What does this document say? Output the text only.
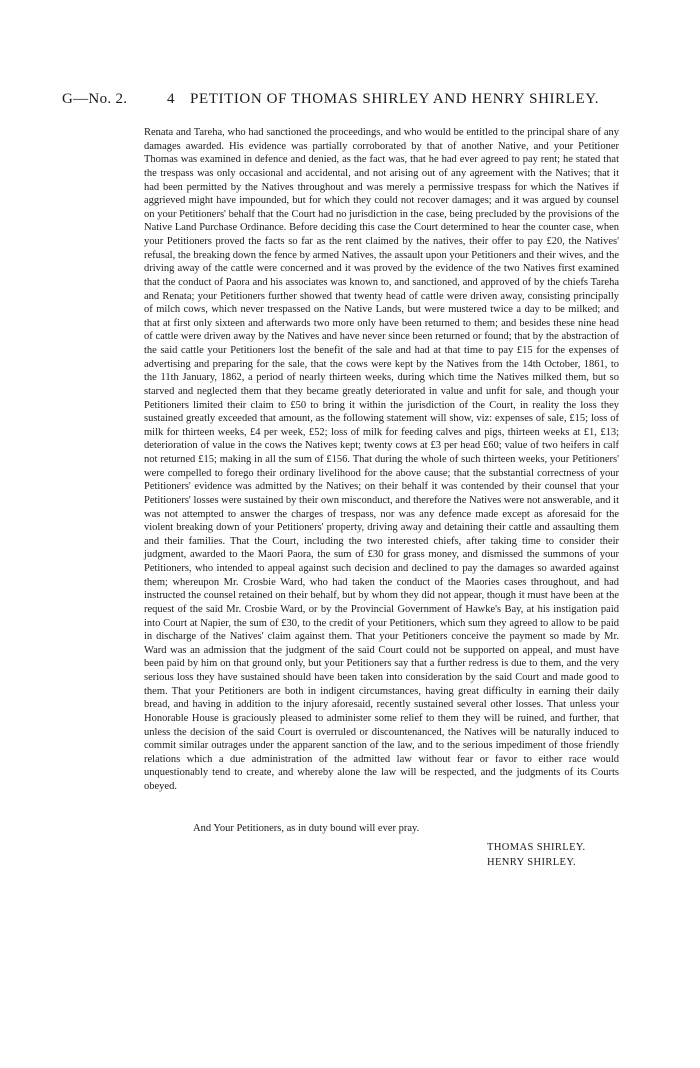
G—No. 2.	4 PETITION OF THOMAS SHIRLEY AND HENRY SHIRLEY.

Renata and Tareha, who had sanctioned the proceedings, and who would be entitled to the principal share of any damages awarded. His evidence was partially corroborated by that of another Native, and your Petitioner Thomas was examined in defence and denied, as the fact was, that he had ever agreed to pay rent; he stated that the trespass was only occasional and accidental, and not arising out of any agreement with the Natives; that it had been permitted by the Natives throughout and was merely a permissive trespass for which the Natives if aggrieved might have impounded, but for which they could not recover damages; and it was argued by counsel on your Petitioners' behalf that the Court had no jurisdiction in the case, being precluded by the provisions of the Native Land Purchase Ordinance. Before deciding this case the Court determined to hear the counter case, when your Petitioners proved the facts so far as the rent claimed by the natives, their offer to pay £20, the Natives' refusal, the breaking down the fence by armed Natives, the assault upon your Petitioners and their wives, and the driving away of the cattle were concerned and it was proved by the evidence of the two Natives first examined that the conduct of Paora and his associates was known to, and sanctioned, and approved of by the chiefs Tareha and Renata; your Petitioners further showed that twenty head of cattle were driven away, consisting principally of milch cows, which never trespassed on the Native Lands, but were mustered twice a day to be milked; and that at first only sixteen and afterwards two more only have been returned to them; and besides these nine head of cattle were driven away by the Natives and have never since been returned or found; that by the abstraction of the said cattle your Petitioners lost the benefit of the sale and had at that time to pay £15 for the expenses of advertising and preparing for the sale, that the cows were kept by the Natives from the 14th October, 1861, to the 11th January, 1862, a period of nearly thirteen weeks, during which time the Natives milked them, but so starved and neglected them that they became greatly deteriorated in value and unfit for sale, and though your Petitioners limited their claim to £50 to bring it within the jurisdiction of the Court, in reality the loss they sustained greatly exceeded that amount, as the following statement will show, viz: expenses of sale, £15; loss of milk for thirteen weeks, £4 per week, £52; loss of milk for feeding calves and pigs, thirteen weeks at £1, £13; deterioration of value in the cows the Natives kept; twenty cows at £3 per head £60; value of two heifers in calf not returned £15; making in all the sum of £156. That during the whole of such thirteen weeks, your Petitioners' were compelled to forego their ordinary livelihood for the above cause; that the substantial correctness of your Petitioners' evidence was admitted by the Natives; on their behalf it was contended by their counsel that your Petitioners' losses were sustained by their own misconduct, and therefore the Natives were not answerable, and it was not attempted to answer the charges of trespass, nor was any defence made except as aforesaid for the violent breaking down of your Petitioners' property, driving away and detaining their cattle and assaulting them and their families. That the Court, including the two interested chiefs, after taking time to consider their judgment, awarded to the Maori Paora, the sum of £30 for grass money, and dismissed the summons of your Petitioners, who intended to appeal against such decision and declined to pay the damages so awarded against them; whereupon Mr. Crosbie Ward, who had taken the conduct of the Maories cases throughout, and had instructed the counsel retained on their behalf, but by whom they did not appear, though it must have been at the request of the said Mr. Crosbie Ward, or by the Provincial Government of Hawke's Bay, at his instigation paid into Court at Napier, the sum of £30, to the credit of your Petitioners, which sum they agreed to allow to be paid in discharge of the Natives' claim against them. That your Petitioners conceive the payment so made by Mr. Ward was an admission that the judgment of the said Court could not be supported on appeal, and must have been paid by him on that ground only, but your Petitioners say that a further redress is due to them, and the very serious loss they have sustained should have been taken into consideration by the said Court and made good to them. That your Petitioners are both in indigent circumstances, having great difficulty in earning their daily bread, and having in addition to the injury aforesaid, recently sustained several other losses. That unless your Honorable House is graciously pleased to administer some relief to them they will be ruined, and further, that unless the decision of the said Court is overruled or discountenanced, the Natives will be naturally induced to commit similar outrages under the apparent sanction of the law, and to the serious impediment of those friendly relations which a due administration of the admitted law without fear or favor to either race would unquestionably tend to create, and whereby alone the law will be respected, and the judgments of its Courts obeyed.

And Your Petitioners, as in duty bound will ever pray.
THOMAS SHIRLEY.
HENRY SHIRLEY.
